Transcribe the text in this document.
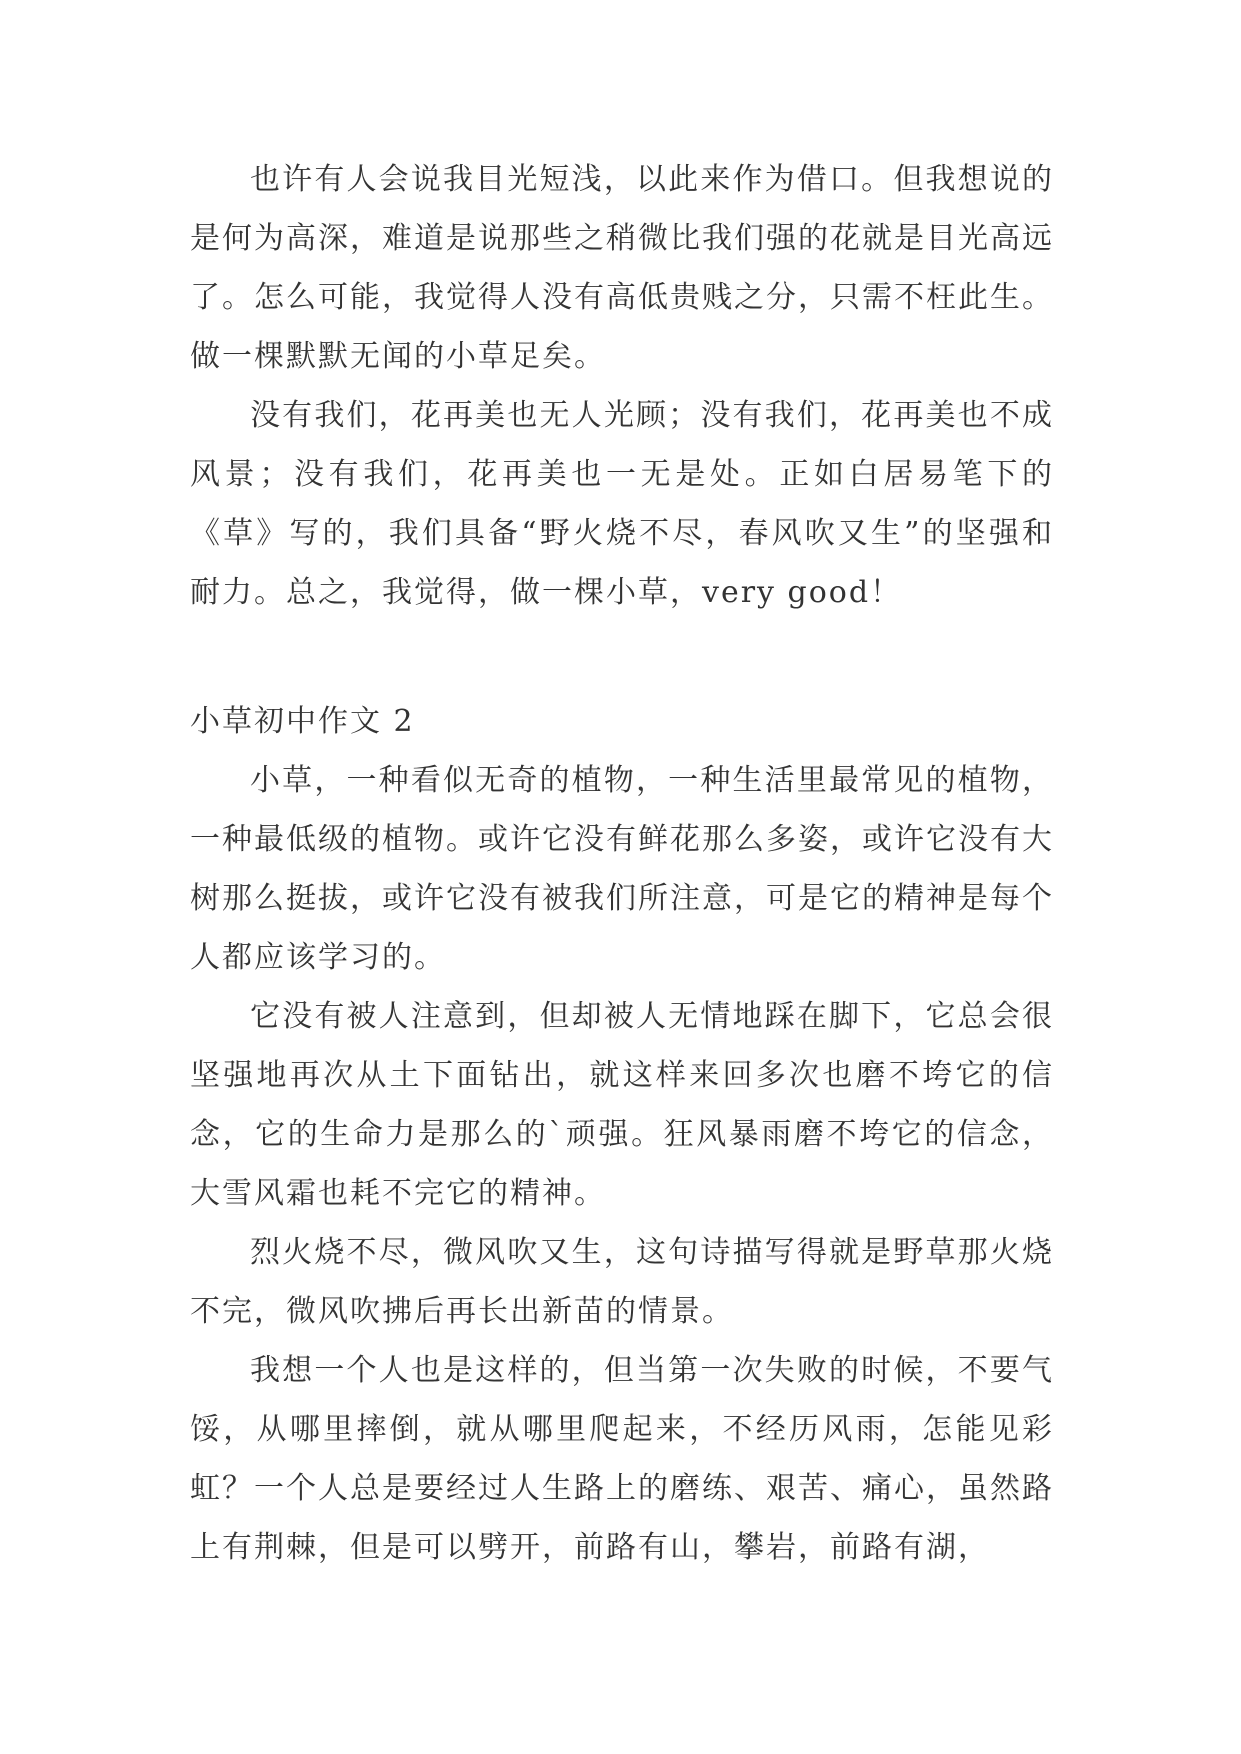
也许有人会说我目光短浅，以此来作为借口。但我想说的是何为高深，难道是说那些之稍微比我们强的花就是目光高远了。怎么可能，我觉得人没有高低贵贱之分，只需不枉此生。做一棵默默无闻的小草足矣。

没有我们，花再美也无人光顾；没有我们，花再美也不成风景；没有我们，花再美也一无是处。正如白居易笔下的《草》写的，我们具备“野火烧不尽，春风吹又生”的坚强和耐力。总之，我觉得，做一棵小草，very good！

小草初中作文 2

小草，一种看似无奇的植物，一种生活里最常见的植物，一种最低级的植物。或许它没有鲜花那么多姿，或许它没有大树那么挺拔，或许它没有被我们所注意，可是它的精神是每个人都应该学习的。

它没有被人注意到，但却被人无情地踩在脚下，它总会很坚强地再次从土下面钻出，就这样来回多次也磨不垮它的信念，它的生命力是那么的`顽强。狂风暴雨磨不垮它的信念，大雪风霜也耗不完它的精神。

烈火烧不尽，微风吹又生，这句诗描写得就是野草那火烧不完，微风吹拂后再长出新苗的情景。

我想一个人也是这样的，但当第一次失败的时候，不要气馁，从哪里摔倒，就从哪里爬起来，不经历风雨，怎能见彩虹？一个人总是要经过人生路上的磨练、艰苦、痛心，虽然路上有荆棘，但是可以劈开，前路有山，攀岩，前路有湖，
